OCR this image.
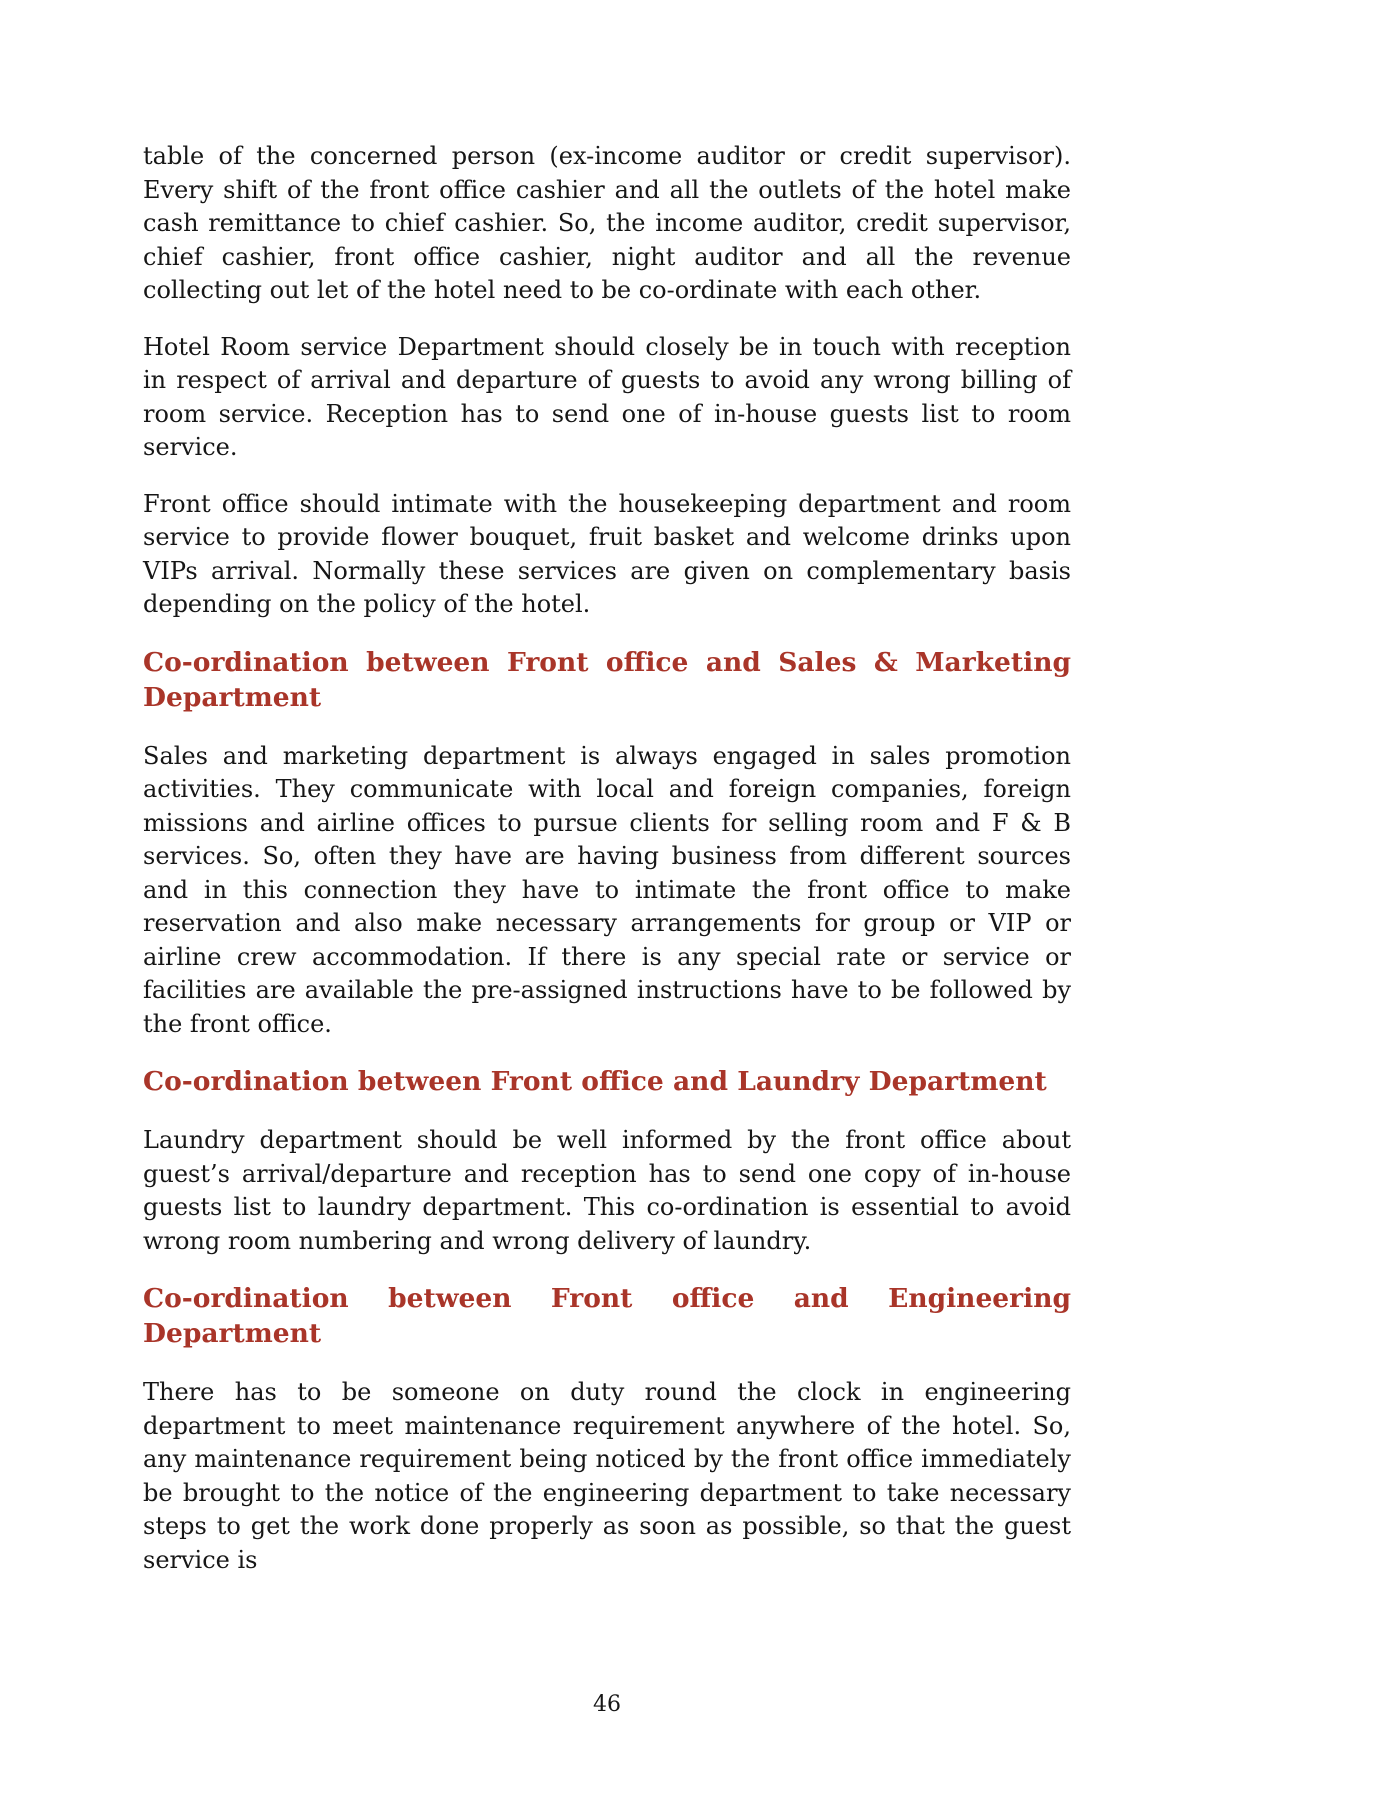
table of the concerned person (ex-income auditor or credit supervisor). Every shift of the front office cashier and all the outlets of the hotel make cash remittance to chief cashier. So, the income auditor, credit supervisor, chief cashier, front office cashier, night auditor and all the revenue collecting out let of the hotel need to be co-ordinate with each other.

Hotel Room service Department should closely be in touch with reception in respect of arrival and departure of guests to avoid any wrong billing of room service. Reception has to send one of in-house guests list to room service.

Front office should intimate with the housekeeping department and room service to provide flower bouquet, fruit basket and welcome drinks upon VIPs arrival. Normally these services are given on complementary basis depending on the policy of the hotel.

Co-ordination between Front office and Sales & Marketing Department

Sales and marketing department is always engaged in sales promotion activities. They communicate with local and foreign companies, foreign missions and airline offices to pursue clients for selling room and F & B services. So, often they have are having business from different sources and in this connection they have to intimate the front office to make reservation and also make necessary arrangements for group or VIP or airline crew accommodation. If there is any special rate or service or facilities are available the pre-assigned instructions have to be followed by the front office.

Co-ordination between Front office and Laundry Department

Laundry department should be well informed by the front office about guest’s arrival/departure and reception has to send one copy of in-house guests list to laundry department. This co-ordination is essential to avoid wrong room numbering and wrong delivery of laundry.

Co-ordination between Front office and Engineering Department

There has to be someone on duty round the clock in engineering department to meet maintenance requirement anywhere of the hotel. So, any maintenance requirement being noticed by the front office immediately be brought to the notice of the engineering department to take necessary steps to get the work done properly as soon as possible, so that the guest service is

46
